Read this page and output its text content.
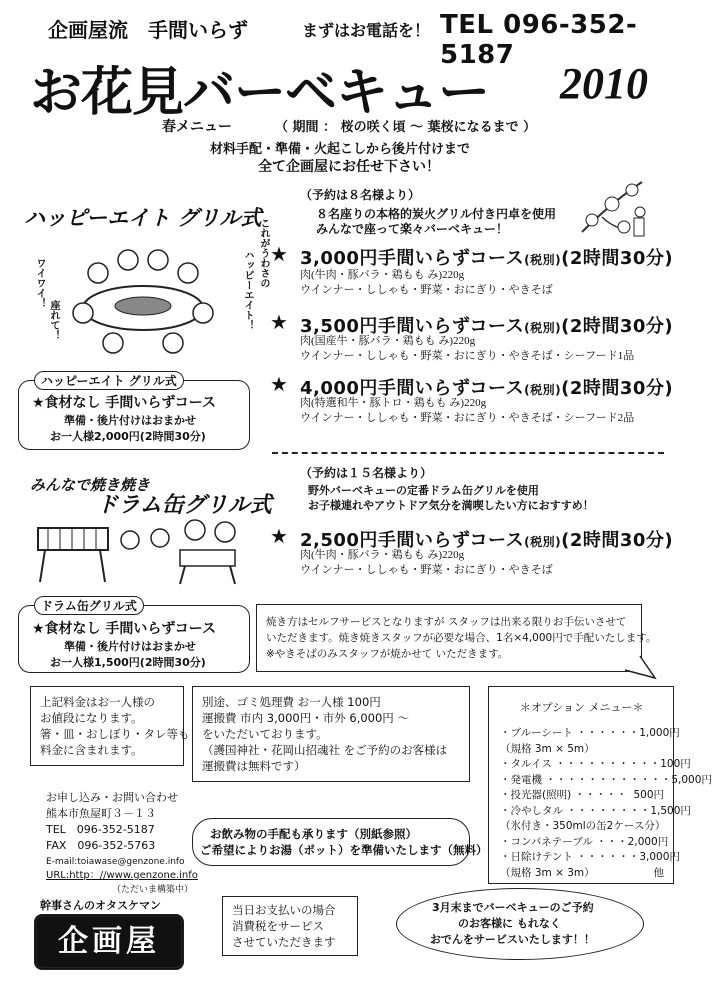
企画屋流　手間いらず	まずはお電話を！ TEL 096-352-5187
お花見バーベキュー 2010
春メニュー	（ 期間 ： 桜の咲く頃 ～ 葉桜になるまで ）
材料手配・準備・火起こしから後片付けまで
全て企画屋にお任せ下さい！
ハッピーエイト グリル式
（予約は８名様より）
８名座りの本格的炭火グリル付き円卓を使用
みんなで座って楽々バーベキュー！
ワイワイ！
座れて！
これがうわさの
ハッピーエイト！ ★ 3,000円手間いらずコース(税別)(2時間30分)
肉(牛肉・豚バラ・鶏もも み)220g
ウインナー・ししゃも・野菜・おにぎり・やきそば
★ 3,500円手間いらずコース(税別)(2時間30分)
肉(国産牛・豚バラ・鶏もも み)220g
ウインナー・ししゃも・野菜・おにぎり・やきそば・シーフード1品
★ 4,000円手間いらずコース(税別)(2時間30分)
肉(特選和牛・豚トロ・鶏もも み)220g
ウインナー・ししゃも・野菜・おにぎり・やきそば・シーフード2品
ハッピーエイト グリル式
★食材なし 手間いらずコース
準備・後片付けはおまかせ
お一人様2,000円(2時間30分)
みんなで焼き焼き
ドラム缶グリル式
（予約は１５名様より）
野外バーベキューの定番ドラム缶グリルを使用
お子様連れやアウトドア気分を満喫したい方におすすめ！
★ 2,500円手間いらずコース(税別)(2時間30分)
肉(牛肉・豚バラ・鶏もも み)220g
ウインナー・ししゃも・野菜・おにぎり・やきそば
ドラム缶グリル式
★食材なし 手間いらずコース
準備・後片付けはおまかせ
お一人様1,500円(2時間30分)
焼き方はセルフサービスとなりますが スタッフは出来る限りお手伝いさせて
いただきます。焼き焼きスタッフが必要な場合、1名×4,000円で手配いたします。
※やきそばのみスタッフが焼かせて いただきます。
上記料金はお一人様の
お値段になります。
箸・皿・おしぼり・タレ等も
料金に含まれます。
別途、ゴミ処理費 お一人様 100円
運搬費 市内 3,000円・市外 6,000円 ～
をいただいております。
（護国神社・花岡山招魂社 をご予約のお客様は
運搬費は無料です）
＊オプション メニュー＊
・ブルーシート ・・・・・・ 1,000円
（規格 3m × 5m）
・タルイス ・・・・・・・・・・ 100円
・発電機 ・・・・・・・・・・・・ 5,000円
・投光器(照明) ・・・・・ 500円
・冷やしタル ・・・・・・・・ 1,500円
（氷付き・350mlの缶2ケース分）
・コンパネテーブル ・・・ 2,000円
・日除けテント ・・・・・・ 3,000円
（規格 3m × 3m）	他
お申し込み・お問い合わせ
熊本市魚屋町３－１３
TEL　096-352-5187
FAX　096-352-5763
E-mail:toiawase@genzone.info
URL:http：//www.genzone.info
（ただいま構築中）
幹事さんのオタスケマン
企画屋
お飲み物の手配も承ります（別紙参照）
ご希望によりお湯（ポット）を準備いたします（無料）
当日お支払いの場合
消費税をサービス
させていただきます
3月末までバーベキューのご予約
のお客様に もれなく
おでんをサービスいたします！！
